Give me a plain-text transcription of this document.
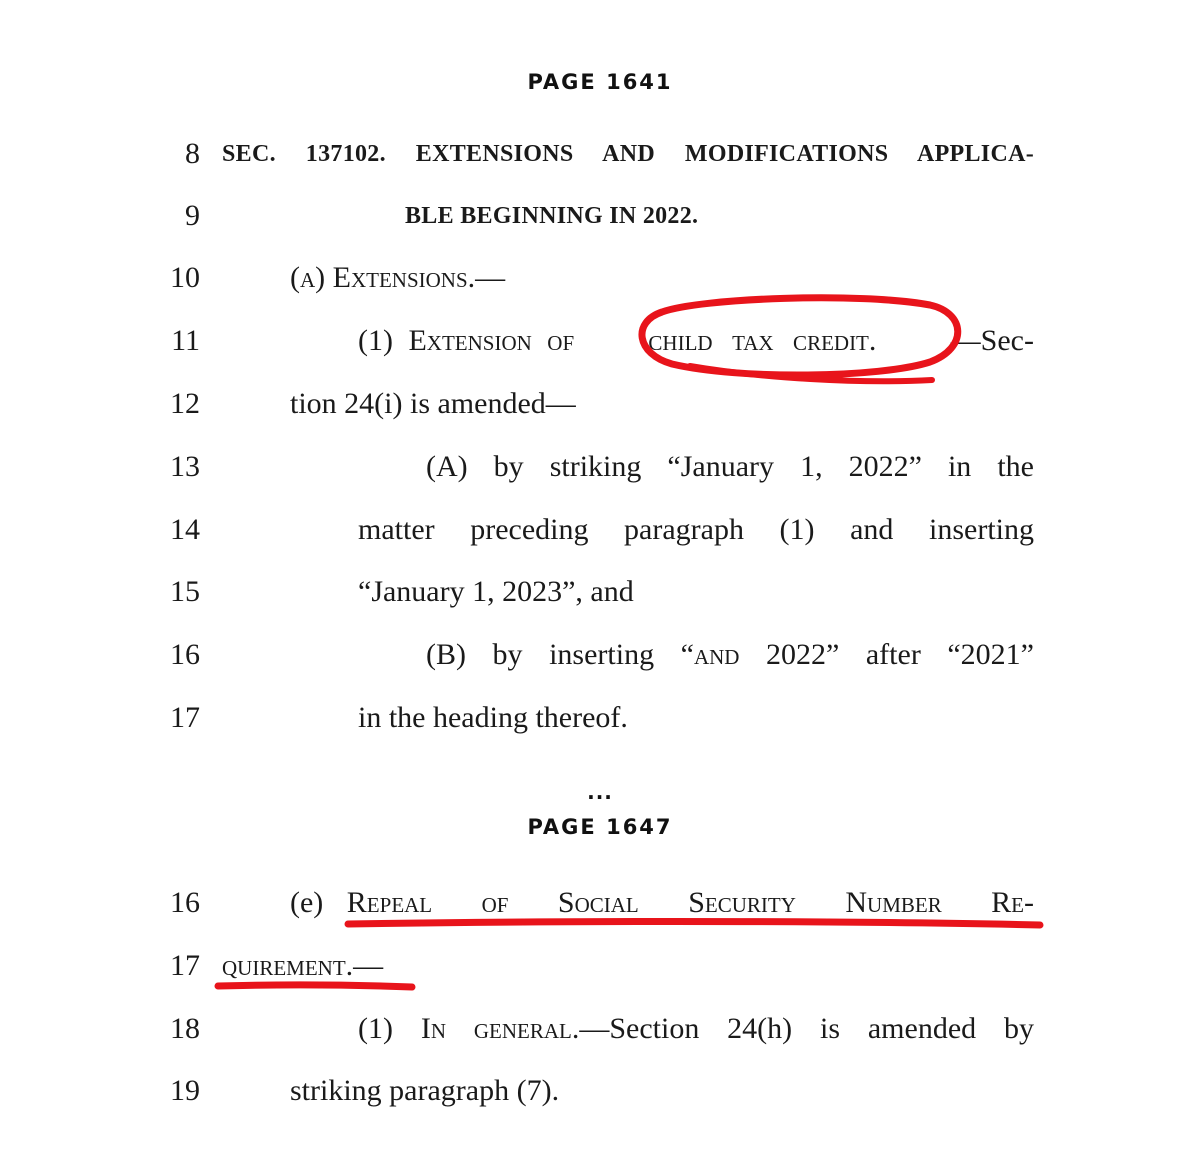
PAGE 1641
8 SEC. 137102. EXTENSIONS AND MODIFICATIONS APPLICA-
9	BLE BEGINNING IN 2022.
10	(a) Extensions.—
11	(1) Extension of child tax credit. —Sec-
12	tion 24(i) is amended—
13	(A) by striking “January 1, 2022” in the
14	matter preceding paragraph (1) and inserting
15	“January 1, 2023”, and
16	(B) by inserting “and 2022” after “2021”
17	in the heading thereof.
...
PAGE 1647
16	(e) Repeal of Social Security Number Re-
17 quirement.—
18	(1) In general.—Section 24(h) is amended by
19	striking paragraph (7).
